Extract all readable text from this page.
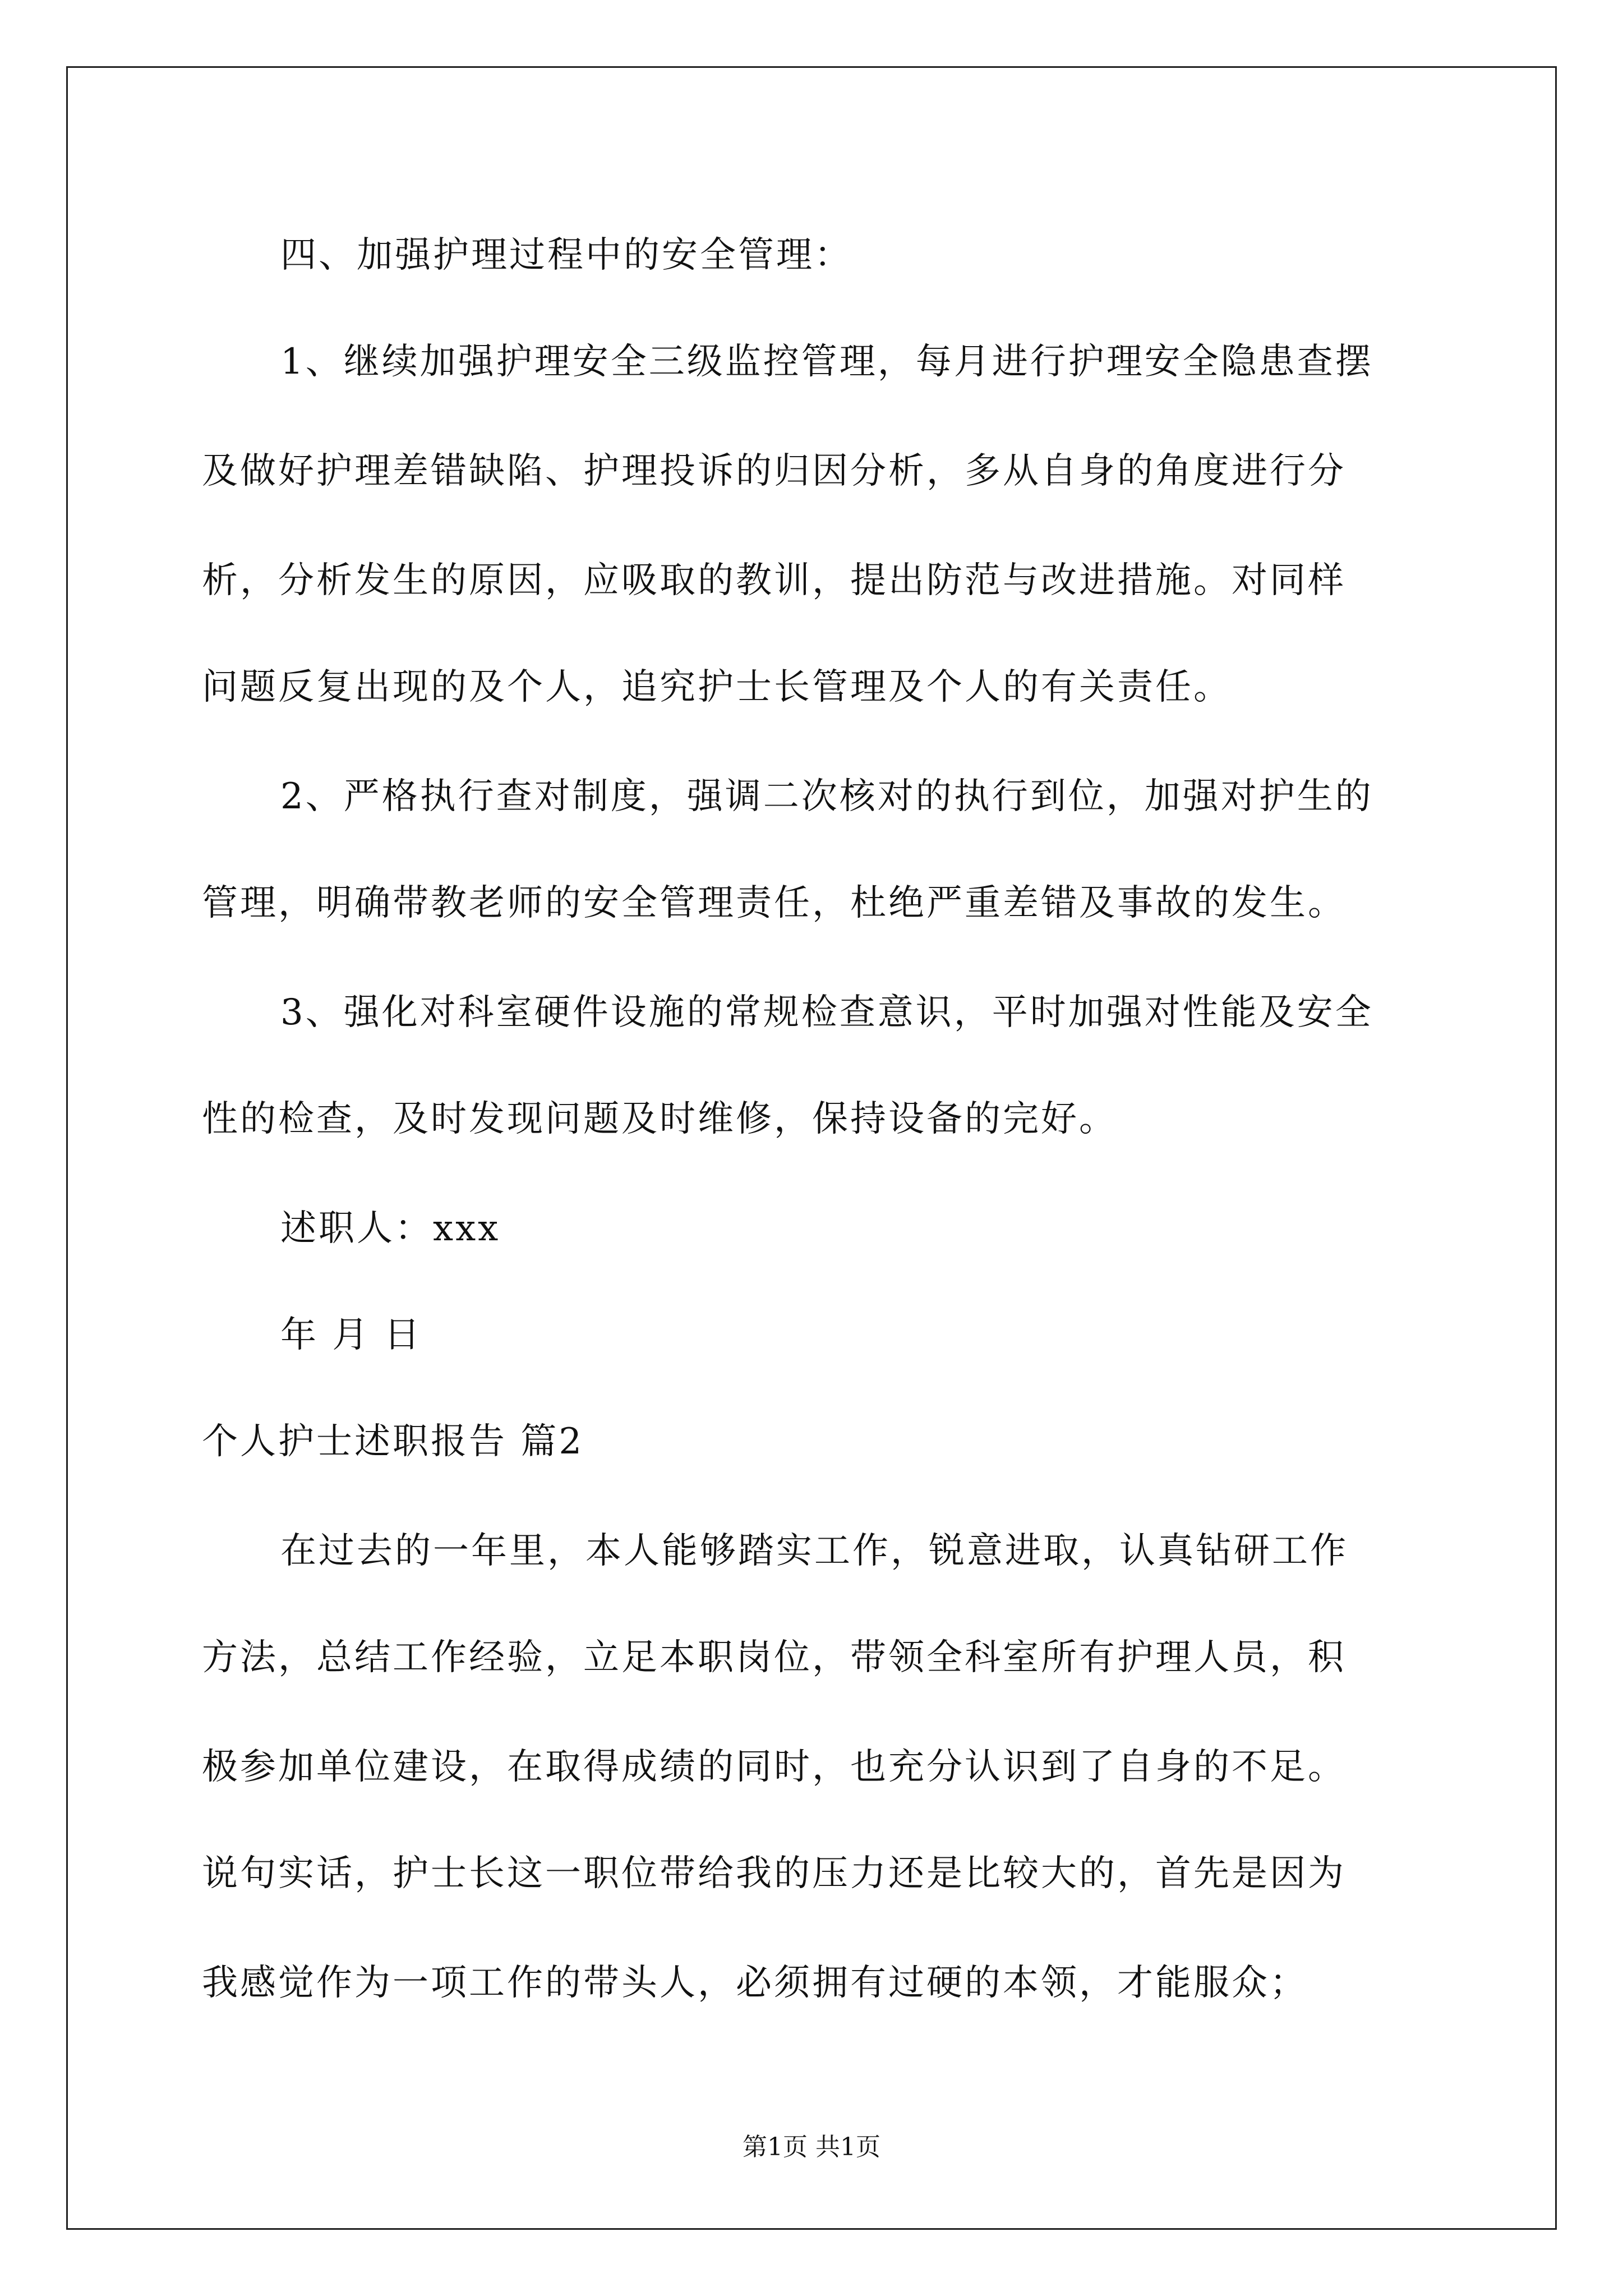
四、加强护理过程中的安全管理：
1、继续加强护理安全三级监控管理，每月进行护理安全隐患查摆
及做好护理差错缺陷、护理投诉的归因分析，多从自身的角度进行分
析，分析发生的原因，应吸取的教训，提出防范与改进措施。对同样
问题反复出现的及个人，追究护士长管理及个人的有关责任。
2、严格执行查对制度，强调二次核对的执行到位，加强对护生的
管理，明确带教老师的安全管理责任，杜绝严重差错及事故的发生。
3、强化对科室硬件设施的常规检查意识，平时加强对性能及安全
性的检查，及时发现问题及时维修，保持设备的完好。
述职人：xxx
年 月 日
个人护士述职报告 篇2
在过去的一年里，本人能够踏实工作，锐意进取，认真钻研工作
方法，总结工作经验，立足本职岗位，带领全科室所有护理人员，积
极参加单位建设，在取得成绩的同时，也充分认识到了自身的不足。
说句实话，护士长这一职位带给我的压力还是比较大的，首先是因为
我感觉作为一项工作的带头人，必须拥有过硬的本领，才能服众；
第1页 共1页
